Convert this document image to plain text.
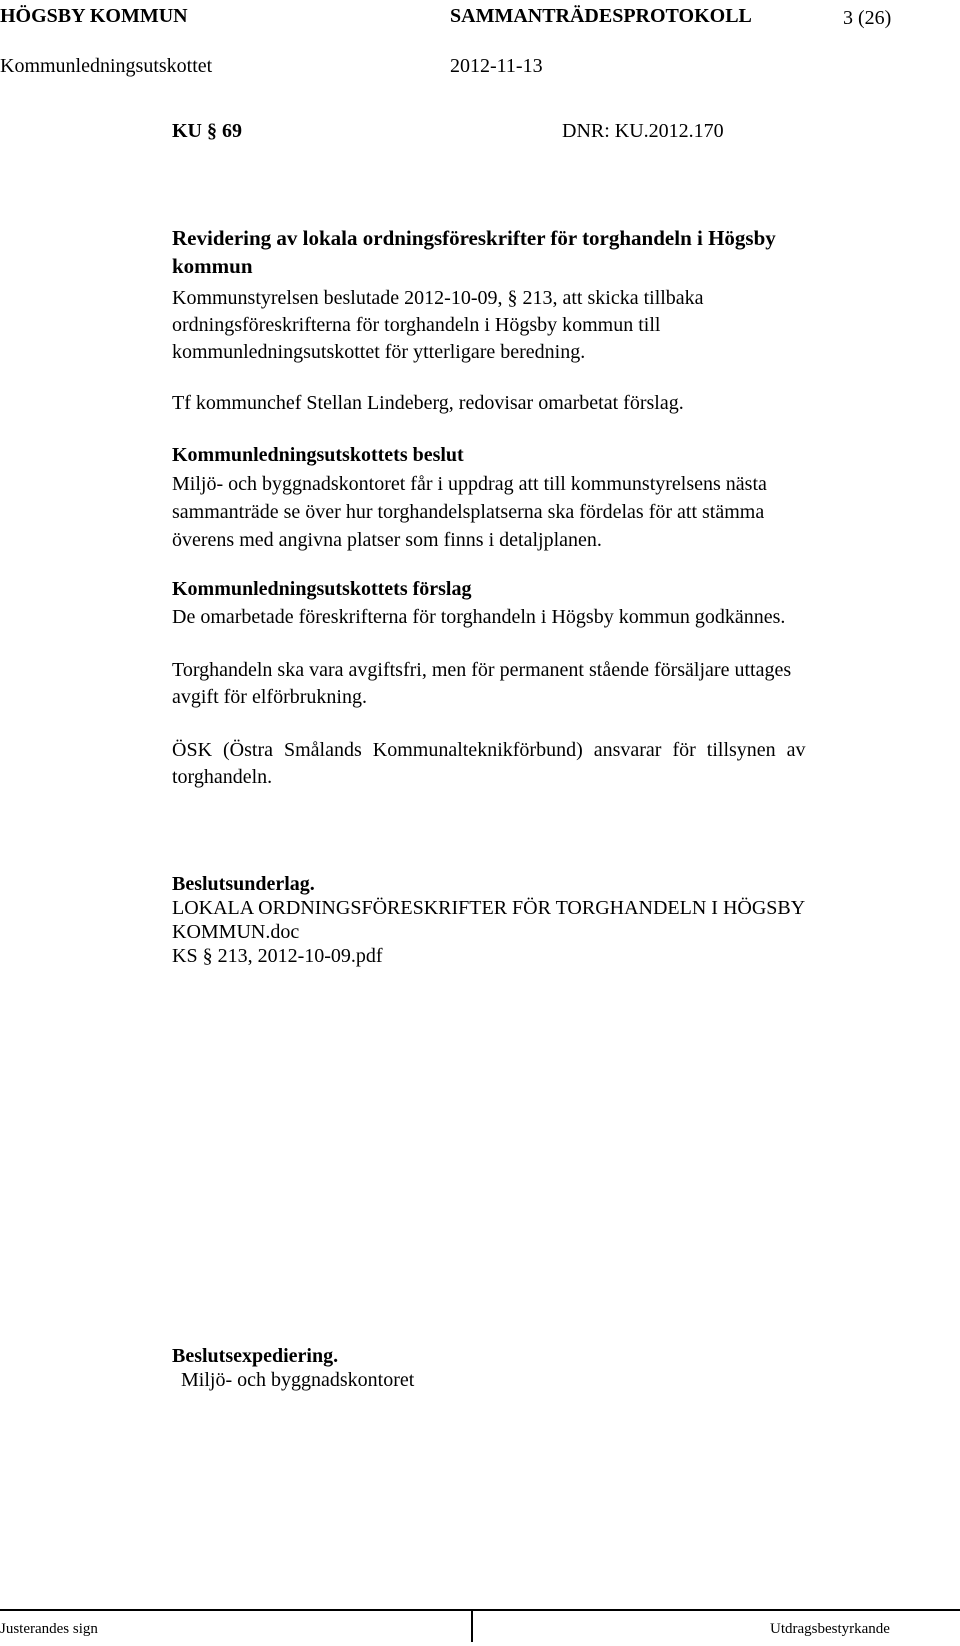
HÖGSBY KOMMUN	SAMMANTRÄDESPROTOKOLL	3 (26)
Kommunledningsutskottet	2012-11-13
KU § 69	DNR: KU.2012.170
Revidering av lokala ordningsföreskrifter för torghandeln i Högsby
kommun
Kommunstyrelsen beslutade 2012-10-09, § 213, att skicka tillbaka
ordningsföreskrifterna för torghandeln i Högsby kommun till
kommunledningsutskottet för ytterligare beredning.
Tf kommunchef Stellan Lindeberg, redovisar omarbetat förslag.
Kommunledningsutskottets beslut
Miljö- och byggnadskontoret får i uppdrag att till kommunstyrelsens nästa
sammanträde se över hur torghandelsplatserna ska fördelas för att stämma
överens med angivna platser som finns i detaljplanen.
Kommunledningsutskottets förslag
De omarbetade föreskrifterna för torghandeln i Högsby kommun godkännes.
Torghandeln ska vara avgiftsfri, men för permanent stående försäljare uttages
avgift för elförbrukning.
ÖSK (Östra Smålands Kommunalteknikförbund) ansvarar för tillsynen av
torghandeln.
Beslutsunderlag.
LOKALA ORDNINGSFÖRESKRIFTER FÖR TORGHANDELN I HÖGSBY
KOMMUN.doc
KS § 213, 2012-10-09.pdf
Beslutsexpediering.
Miljö- och byggnadskontoret
Justerandes sign	Utdragsbestyrkande
